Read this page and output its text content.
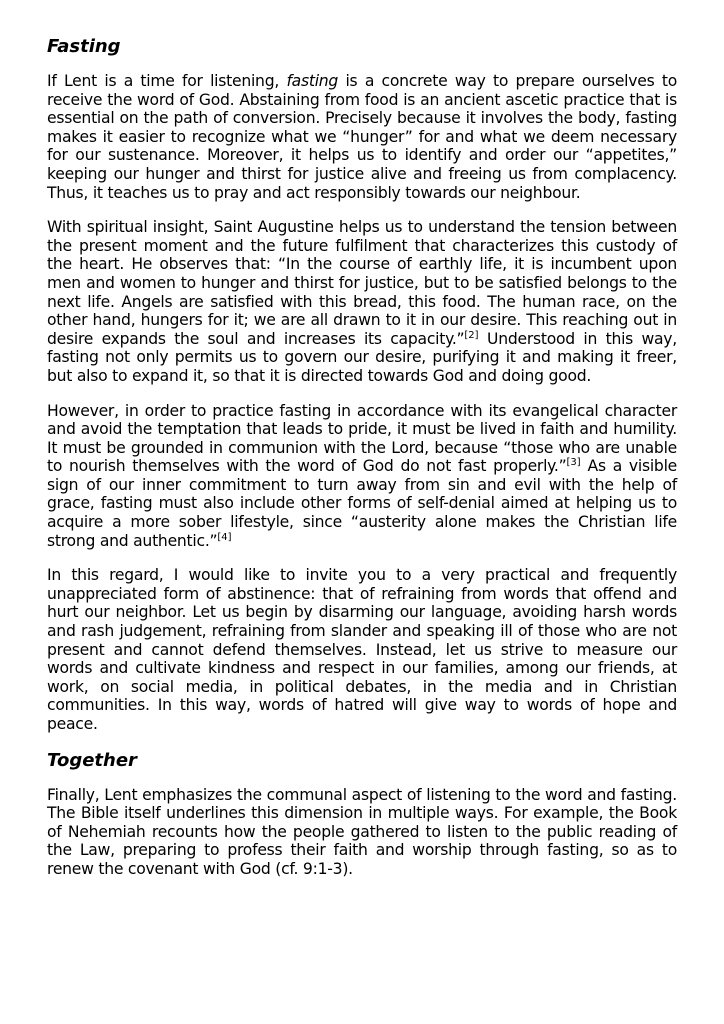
Fasting

If Lent is a time for listening, fasting is a concrete way to prepare ourselves to receive the word of God. Abstaining from food is an ancient ascetic practice that is essential on the path of conversion. Precisely because it involves the body, fasting makes it easier to recognize what we “hunger” for and what we deem necessary for our sustenance. Moreover, it helps us to identify and order our “appetites,” keeping our hunger and thirst for justice alive and freeing us from complacency. Thus, it teaches us to pray and act responsibly towards our neighbour.

With spiritual insight, Saint Augustine helps us to understand the tension between the present moment and the future fulfilment that characterizes this custody of the heart. He observes that: “In the course of earthly life, it is incumbent upon men and women to hunger and thirst for justice, but to be satisfied belongs to the next life. Angels are satisfied with this bread, this food. The human race, on the other hand, hungers for it; we are all drawn to it in our desire. This reaching out in desire expands the soul and increases its capacity.”[2] Understood in this way, fasting not only permits us to govern our desire, purifying it and making it freer, but also to expand it, so that it is directed towards God and doing good.

However, in order to practice fasting in accordance with its evangelical character and avoid the temptation that leads to pride, it must be lived in faith and humility. It must be grounded in communion with the Lord, because “those who are unable to nourish themselves with the word of God do not fast properly.”[3] As a visible sign of our inner commitment to turn away from sin and evil with the help of grace, fasting must also include other forms of self-denial aimed at helping us to acquire a more sober lifestyle, since “austerity alone makes the Christian life strong and authentic.”[4]

In this regard, I would like to invite you to a very practical and frequently unappreciated form of abstinence: that of refraining from words that offend and hurt our neighbor. Let us begin by disarming our language, avoiding harsh words and rash judgement, refraining from slander and speaking ill of those who are not present and cannot defend themselves. Instead, let us strive to measure our words and cultivate kindness and respect in our families, among our friends, at work, on social media, in political debates, in the media and in Christian communities. In this way, words of hatred will give way to words of hope and peace.

Together

Finally, Lent emphasizes the communal aspect of listening to the word and fasting. The Bible itself underlines this dimension in multiple ways. For example, the Book of Nehemiah recounts how the people gathered to listen to the public reading of the Law, preparing to profess their faith and worship through fasting, so as to renew the covenant with God (cf. 9:1-3).
